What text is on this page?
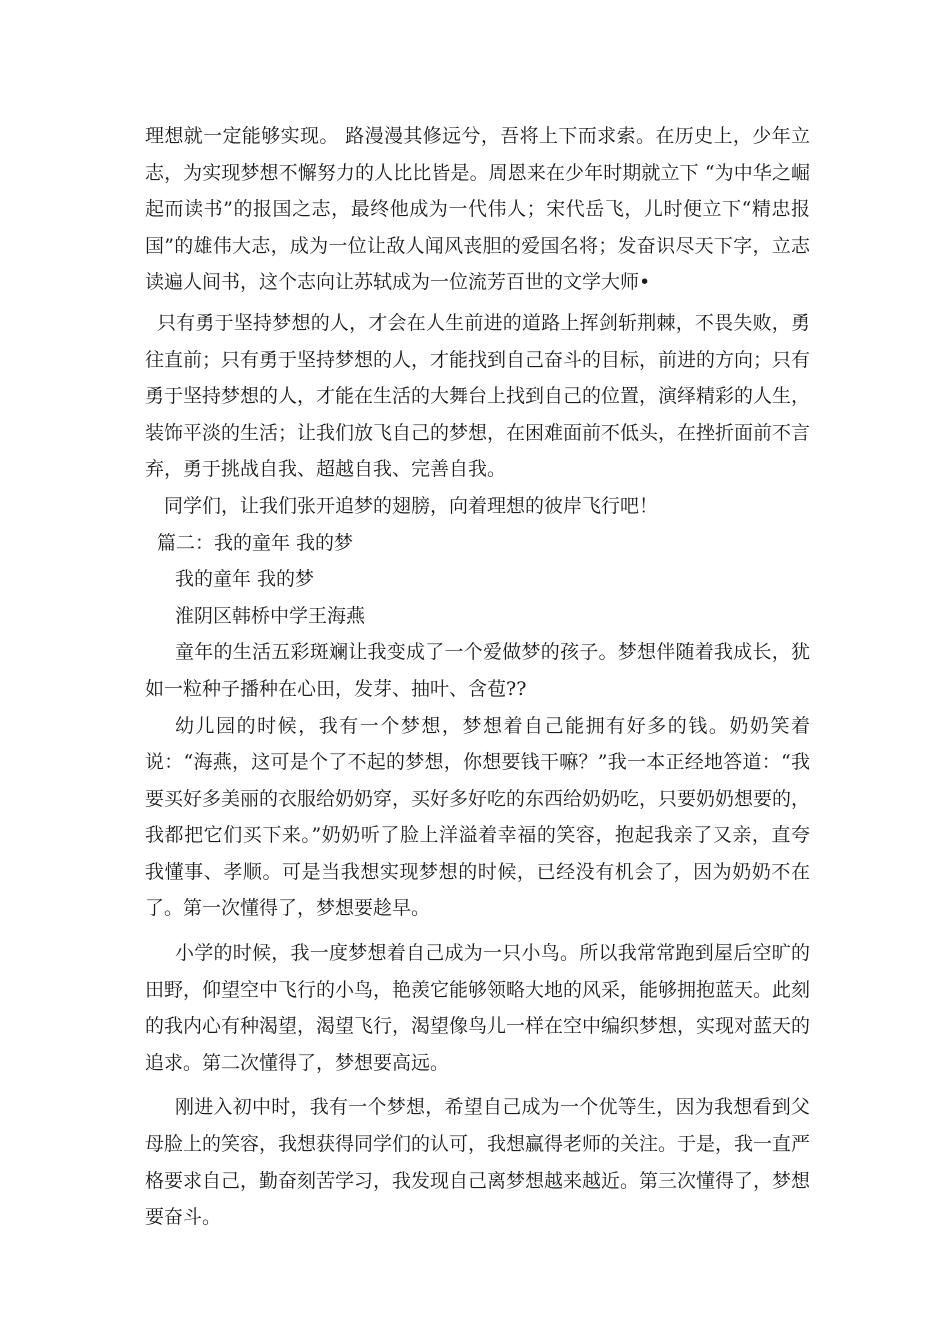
理想就一定能够实现。 路漫漫其修远兮，吾将上下而求索。在历史上，少年立志，为实现梦想不懈努力的人比比皆是。周恩来在少年时期就立下 “为中华之崛起而读书”的报国之志，最终他成为一代伟人；宋代岳飞，儿时便立下“精忠报国”的雄伟大志，成为一位让敌人闻风丧胆的爱国名将；发奋识尽天下字，立志读遍人间书，这个志向让苏轼成为一位流芳百世的文学大师•

只有勇于坚持梦想的人，才会在人生前进的道路上挥剑斩荆棘，不畏失败，勇往直前；只有勇于坚持梦想的人，才能找到自己奋斗的目标，前进的方向；只有勇于坚持梦想的人，才能在生活的大舞台上找到自己的位置，演绎精彩的人生，装饰平淡的生活；让我们放飞自己的梦想，在困难面前不低头，在挫折面前不言弃，勇于挑战自我、超越自我、完善自我。

同学们，让我们张开追梦的翅膀，向着理想的彼岸飞行吧！

篇二：我的童年 我的梦

我的童年 我的梦

淮阴区韩桥中学王海燕

童年的生活五彩斑斓让我变成了一个爱做梦的孩子。梦想伴随着我成长，犹如一粒种子播种在心田，发芽、抽叶、含苞??

幼儿园的时候，我有一个梦想，梦想着自己能拥有好多的钱。奶奶笑着说：“海燕，这可是个了不起的梦想，你想要钱干嘛？”我一本正经地答道：“我要买好多美丽的衣服给奶奶穿，买好多好吃的东西给奶奶吃，只要奶奶想要的，我都把它们买下来。”奶奶听了脸上洋溢着幸福的笑容，抱起我亲了又亲，直夸我懂事、孝顺。可是当我想实现梦想的时候，已经没有机会了，因为奶奶不在了。第一次懂得了，梦想要趁早。

小学的时候，我一度梦想着自己成为一只小鸟。所以我常常跑到屋后空旷的田野，仰望空中飞行的小鸟，艳羡它能够领略大地的风采，能够拥抱蓝天。此刻的我内心有种渴望，渴望飞行，渴望像鸟儿一样在空中编织梦想，实现对蓝天的追求。第二次懂得了，梦想要高远。

刚进入初中时，我有一个梦想，希望自己成为一个优等生，因为我想看到父母脸上的笑容，我想获得同学们的认可，我想赢得老师的关注。于是，我一直严格要求自己，勤奋刻苦学习，我发现自己离梦想越来越近。第三次懂得了，梦想要奋斗。
